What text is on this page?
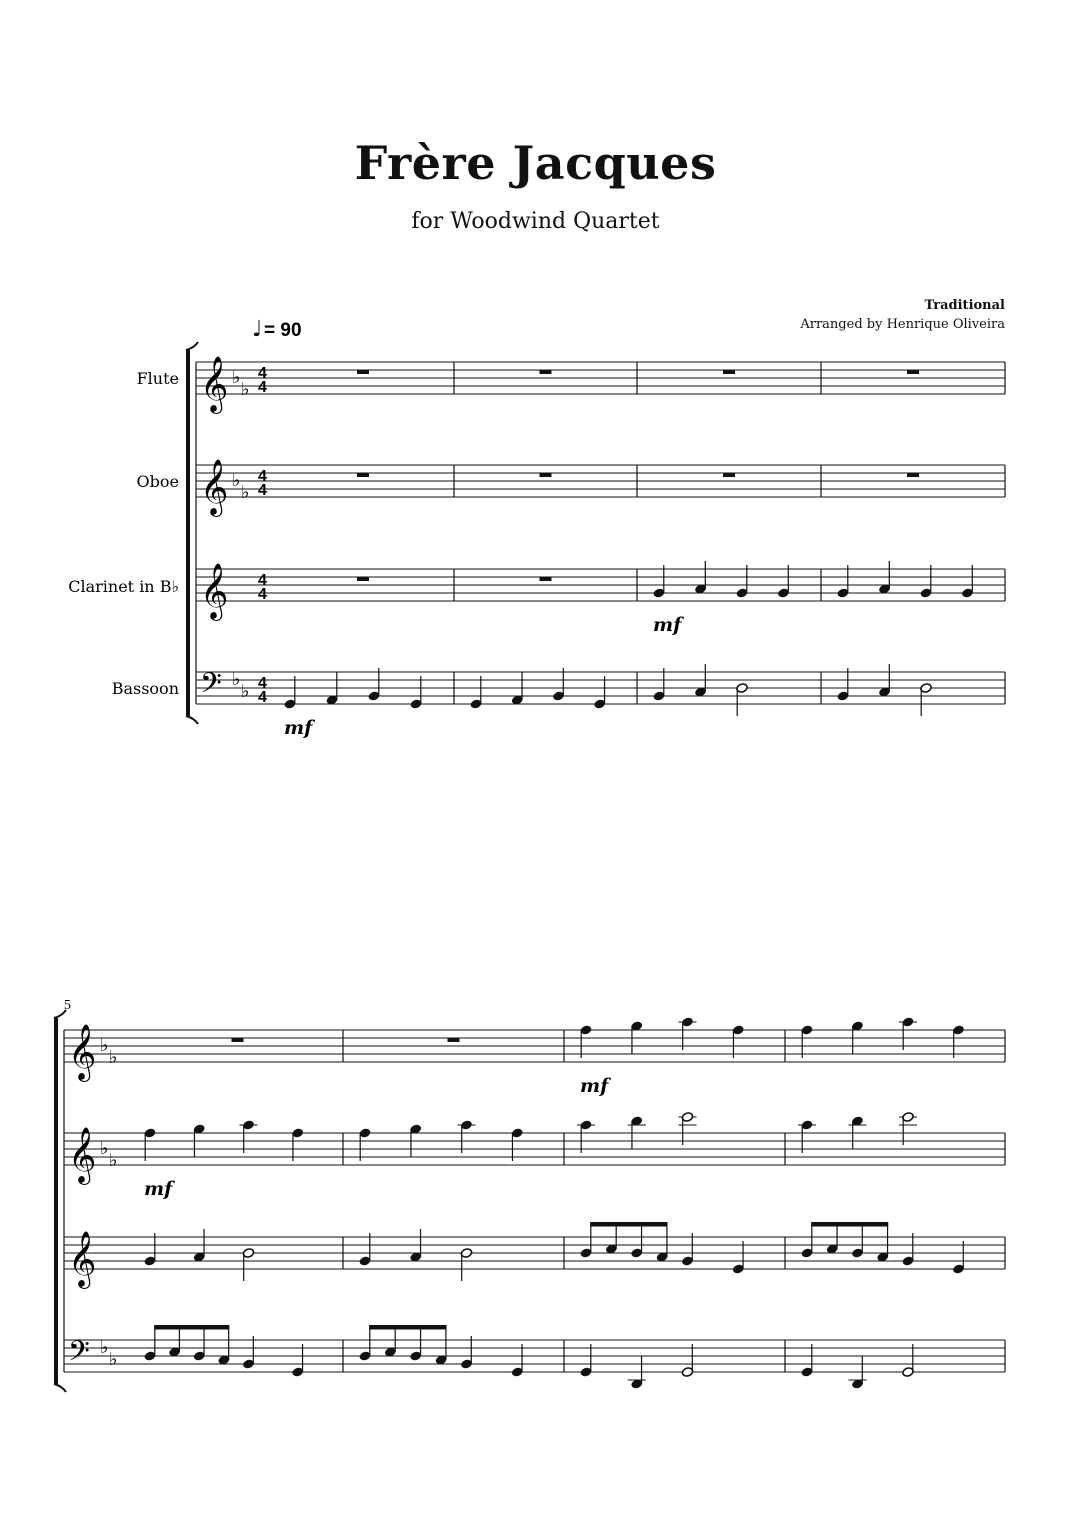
Frère Jacques
for Woodwind Quartet
Traditional
Arranged by Henrique Oliveira
♩ = 90
Flute
Oboe
Clarinet in B♭
Bassoon
𝄞 ♭
♭
𝄞 ♭
♭
𝄞
mf
𝄢 ♭
♭
mf
4
4
4
4
4
4
4
4
5
𝄞 ♭
♭
mf
𝄞 ♭
♭
mf
𝄞
𝄢 ♭
♭
